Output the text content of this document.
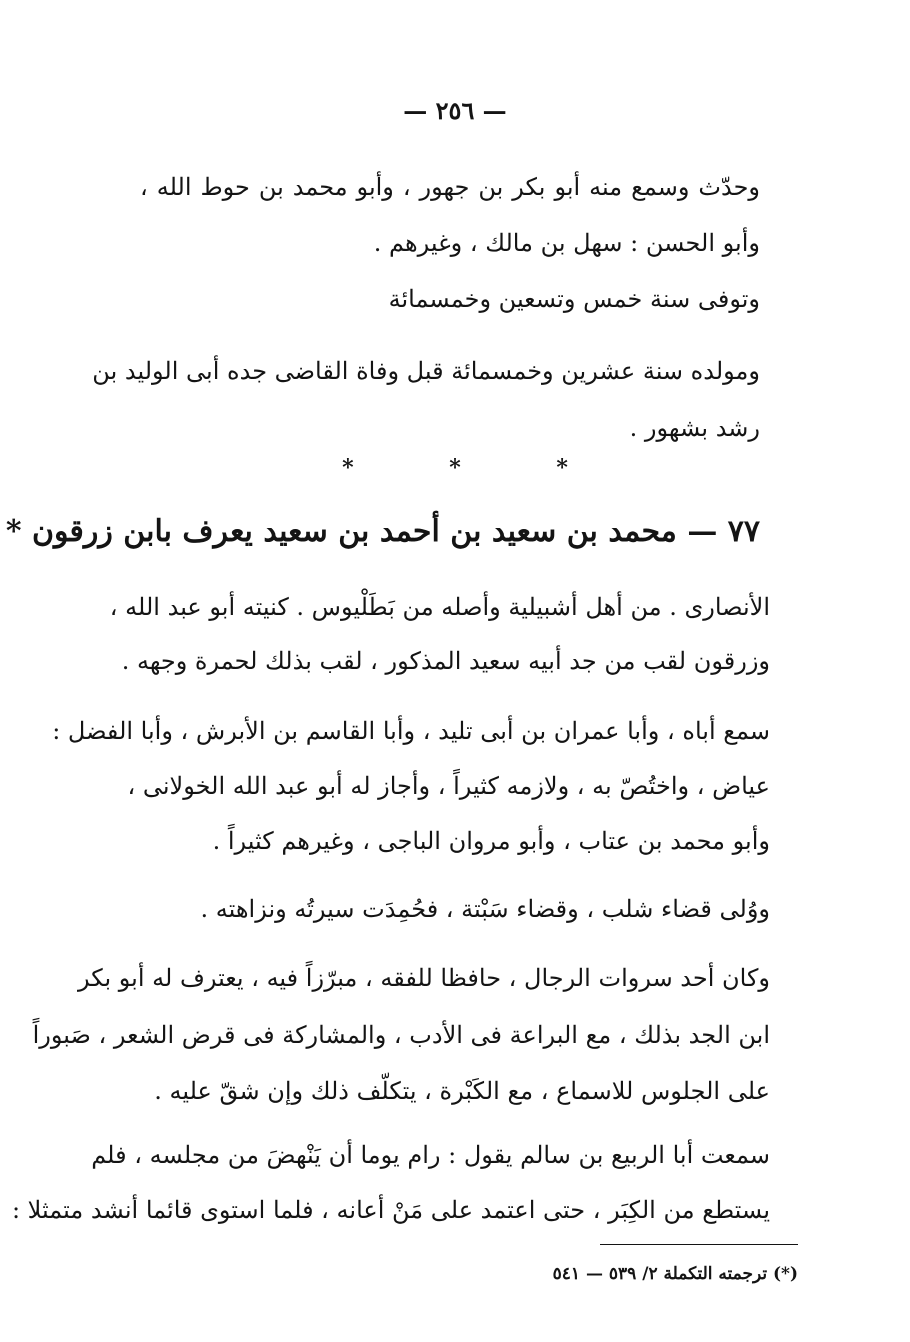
— ٢٥٦ —
وحدّث وسمع منه أبو بكر بن جهور ، وأبو محمد بن حوط الله ،
وأبو الحسن : سهل بن مالك ، وغيرهم .
وتوفى سنة خمس وتسعين وخمسمائة
ومولده سنة عشرين وخمسمائة قبل وفاة القاضى جده أبى الوليد بن
رشد بشهور .
* * *
٧٧ — محمد بن سعيد بن أحمد بن سعيد يعرف بابن زرقون *
الأنصارى . من أهل أشبيلية وأصله من بَطَلْيوس . كنيته أبو عبد الله ،
وزرقون لقب من جد أبيه سعيد المذكور ، لقب بذلك لحمرة وجهه .
سمع أباه ، وأبا عمران بن أبى تليد ، وأبا القاسم بن الأبرش ، وأبا الفضل :
عياض ، واختُصّ به ، ولازمه كثيراً ، وأجاز له أبو عبد الله الخولانى ،
وأبو محمد بن عتاب ، وأبو مروان الباجى ، وغيرهم كثيراً .
ووُلى قضاء شلب ، وقضاء سَبْتة ، فحُمِدَت سيرتُه ونزاهته .
وكان أحد سروات الرجال ، حافظا للفقه ، مبرّزاً فيه ، يعترف له أبو بكر
ابن الجد بذلك ، مع البراعة فى الأدب ، والمشاركة فى قرض الشعر ، صَبوراً
على الجلوس للاسماع ، مع الكَبْرة ، يتكلّف ذلك وإن شقّ عليه .
سمعت أبا الربيع بن سالم يقول : رام يوما أن يَنْهضَ من مجلسه ، فلم
يستطع من الكِبَر ، حتى اعتمد على مَنْ أعانه ، فلما استوى قائما أنشد متمثلا :
(*) ترجمته التكملة ٢/ ٥٣٩ — ٥٤١
